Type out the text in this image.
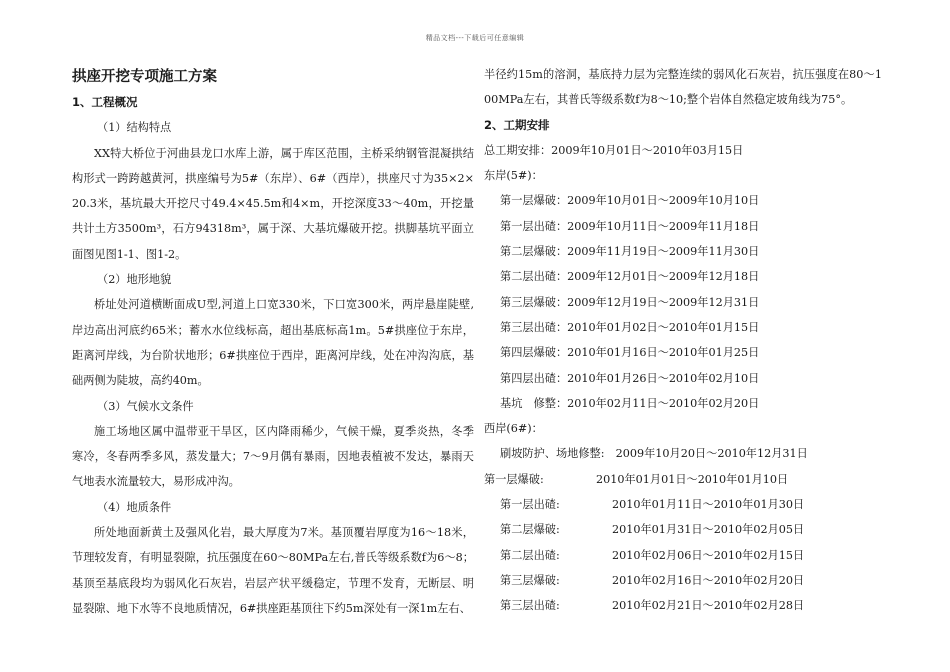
精品文档---下载后可任意编辑
拱座开挖专项施工方案
1、工程概况
（1）结构特点
XX特大桥位于河曲县龙口水库上游，属于库区范围，主桥采纳钢管混凝拱结构形式一跨跨越黄河，拱座编号为5#（东岸）、6#（西岸），拱座尺寸为35×2×20.3米，基坑最大开挖尺寸49.4×45.5m和4×m，开挖深度33～40m，开挖量共计土方3500m³，石方94318m³，属于深、大基坑爆破开挖。拱脚基坑平面立面图见图1-1、图1-2。
（2）地形地貌
桥址处河道横断面成U型,河道上口宽330米，下口宽300米，两岸悬崖陡壁,岸边高出河底约65米；蓄水水位线标高，超出基底标高1m。5#拱座位于东岸，距离河岸线，为台阶状地形；6#拱座位于西岸，距离河岸线，处在冲沟沟底，基础两侧为陡坡，高约40m。
（3）气候水文条件
施工场地区属中温带亚干旱区，区内降雨稀少，气候干燥，夏季炎热，冬季寒冷，冬春两季多风，蒸发量大；7～9月偶有暴雨，因地表植被不发达，暴雨天气地表水流量较大，易形成冲沟。
（4）地质条件
所处地面新黄土及强风化岩，最大厚度为7米。基顶覆岩厚度为16～18米，节理较发育，有明显裂隙，抗压强度在60～80MPa左右,普氏等级系数f为6～8；基顶至基底段均为弱风化石灰岩，岩层产状平缓稳定，节理不发育，无断层、明显裂隙、地下水等不良地质情况，6#拱座距基顶往下约5m深处有一深1m左右、
半径约15m的溶洞，基底持力层为完整连续的弱风化石灰岩，抗压强度在80～100MPa左右，其普氏等级系数f为8～10;整个岩体自然稳定坡角线为75°。
2、工期安排
总工期安排：2009年10月01日～2010年03月15日
东岸(5#)：
第一层爆破：2009年10月01日～2009年10月10日
第一层出碴：2009年10月11日～2009年11月18日
第二层爆破：2009年11月19日～2009年11月30日
第二层出碴：2009年12月01日～2009年12月18日
第三层爆破：2009年12月19日～2009年12月31日
第三层出碴：2010年01月02日～2010年01月15日
第四层爆破：2010年01月16日～2010年01月25日
第四层出碴：2010年01月26日～2010年02月10日
基坑　修整：2010年02月11日～2010年02月20日
西岸(6#)：
刷坡防护、场地修整:　2009年10月20日～2010年12月31日
第一层爆破:	2010年01月01日～2010年01月10日
第一层出碴:	2010年01月11日～2010年01月30日
第二层爆破:	2010年01月31日～2010年02月05日
第二层出碴:	2010年02月06日～2010年02月15日
第三层爆破:	2010年02月16日～2010年02月20日
第三层出碴:	2010年02月21日～2010年02月28日
